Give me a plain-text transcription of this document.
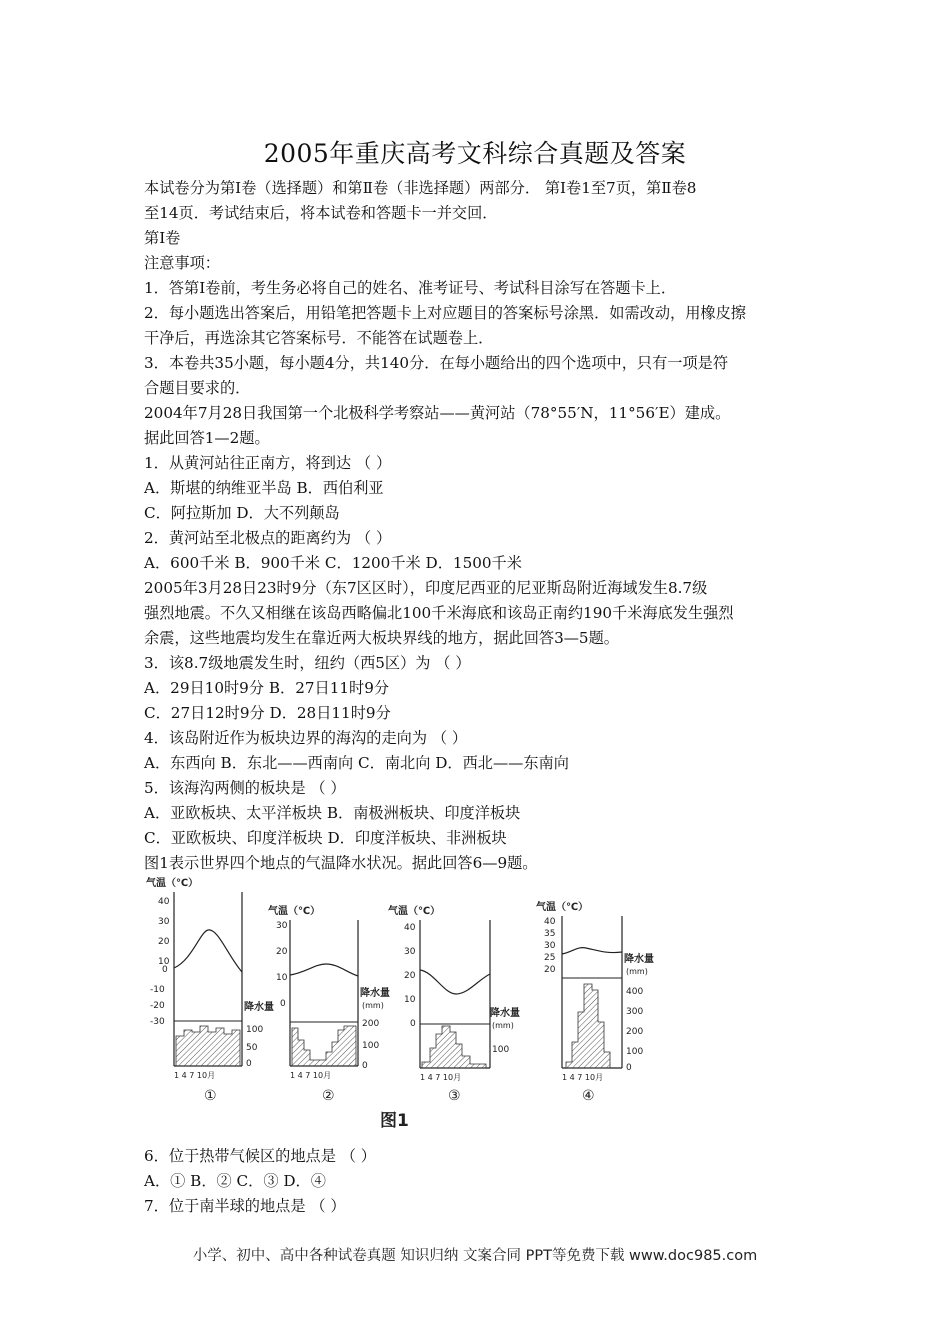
2005年重庆高考文科综合真题及答案
本试卷分为第Ⅰ卷（选择题）和第Ⅱ卷（非选择题）两部分． 第Ⅰ卷1至7页，第Ⅱ卷8
至14页．考试结束后，将本试卷和答题卡一并交回．
第Ⅰ卷
注意事项：
1．答第Ⅰ卷前，考生务必将自己的姓名、准考证号、考试科目涂写在答题卡上．
2．每小题选出答案后，用铅笔把答题卡上对应题目的答案标号涂黑．如需改动，用橡皮擦
干净后，再选涂其它答案标号．不能答在试题卷上．
3．本卷共35小题，每小题4分，共140分．在每小题给出的四个选项中，只有一项是符
合题目要求的．
2004年7月28日我国第一个北极科学考察站——黄河站（78°55′N，11°56′E）建成。
据此回答1—2题。
1．从黄河站往正南方，将到达 （ ）
A．斯堪的纳维亚半岛 B．西伯利亚
C．阿拉斯加 D．大不列颠岛
2．黄河站至北极点的距离约为 （ ）
A．600千米 B．900千米 C．1200千米 D．1500千米
2005年3月28日23时9分（东7区区时），印度尼西亚的尼亚斯岛附近海域发生8.7级
强烈地震。不久又相继在该岛西略偏北100千米海底和该岛正南约190千米海底发生强烈
余震，这些地震均发生在靠近两大板块界线的地方，据此回答3—5题。
3．该8.7级地震发生时，纽约（西5区）为 （ ）
A．29日10时9分 B．27日11时9分
C．27日12时9分 D．28日11时9分
4．该岛附近作为板块边界的海沟的走向为 （ ）
A．东西向 B．东北——西南向 C．南北向 D．西北——东南向
5．该海沟两侧的板块是 （ ）
A．亚欧板块、太平洋板块 B．南极洲板块、印度洋板块
C．亚欧板块、印度洋板块 D．印度洋板块、非洲板块
图1表示世界四个地点的气温降水状况。据此回答6—9题。
气温（℃）
40
30
20
10
0
-10
-20
-30
降水量
100
50
0
1 4 7 10月
①
气温（℃）
30
20
10
0
降水量
(mm)
200
100
0
1 4 7 10月
②
气温（℃）
40
30
20
10
0
降水量
(mm)
100
1 4 7 10月
③
气温（℃）
40
35
30
25
20
降水量
(mm)
400
300
200
100
0
1 4 7 10月
④
图1
6．位于热带气候区的地点是 （ ）
A．① B．② C．③ D．④
7．位于南半球的地点是 （ ）
小学、初中、高中各种试卷真题 知识归纳 文案合同 PPT等免费下载 www.doc985.com
